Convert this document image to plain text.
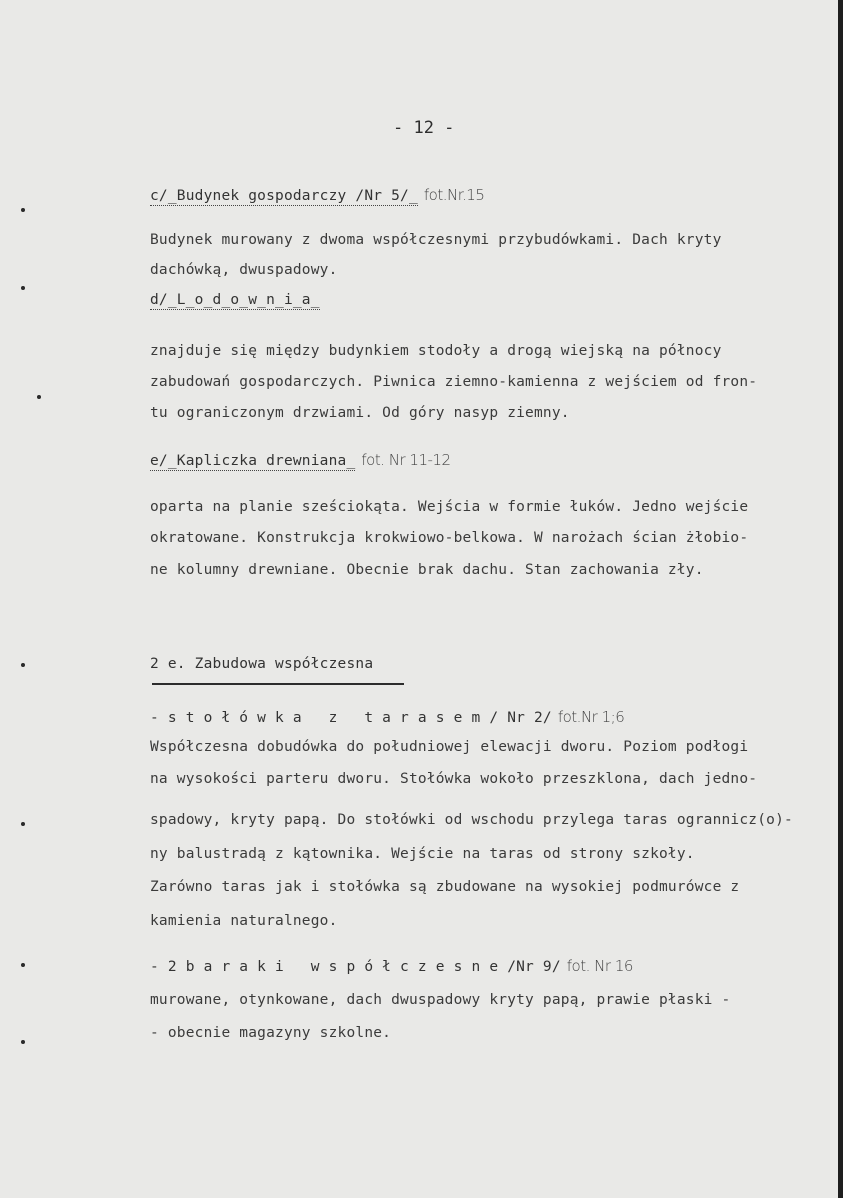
- 12 -
c/_Budynek gospodarczy /Nr 5/_ fot.Nr.15
Budynek murowany z dwoma współczesnymi przybudówkami. Dach kryty
dachówką, dwuspadowy.
d/_L_o_d_o_w_n_i_a_
znajduje się między budynkiem stodoły a drogą wiejską na północy
zabudowań gospodarczych. Piwnica ziemno-kamienna z wejściem od fron-
tu ograniczonym drzwiami. Od góry nasyp ziemny.
e/_Kapliczka drewniana_ fot. Nr 11-12
oparta na planie sześciokąta. Wejścia w formie łuków. Jedno wejście
okratowane. Konstrukcja krokwiowo-belkowa. W narożach ścian żłobio-
ne kolumny drewniane. Obecnie brak dachu. Stan zachowania zły.
2 e. Zabudowa współczesna
- s t o ł ó w k a   z   t a r a s e m / Nr 2/ fot.Nr 1;6
Współczesna dobudówka do południowej elewacji dworu. Poziom podłogi
na wysokości parteru dworu. Stołówka wokoło przeszklona, dach jedno-
spadowy, kryty papą. Do stołówki od wschodu przylega taras ogrannicz(o)-
ny balustradą z kątownika. Wejście na taras od strony szkoły.
Zarówno taras jak i stołówka są zbudowane na wysokiej podmurówce z
kamienia naturalnego.
- 2 b a r a k i   w s p ó ł c z e s n e /Nr 9/ fot. Nr 16
murowane, otynkowane, dach dwuspadowy kryty papą, prawie płaski -
- obecnie magazyny szkolne.
